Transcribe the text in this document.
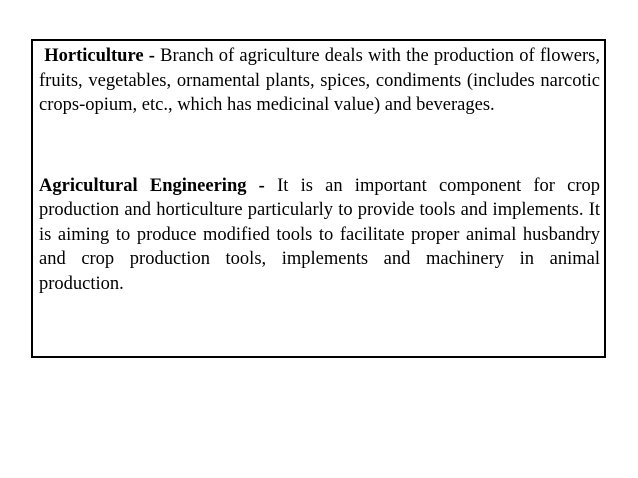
Horticulture - Branch of agriculture deals with the production of flowers, fruits, vegetables, ornamental plants, spices, condiments (includes narcotic crops-opium, etc., which has medicinal value) and beverages.

Agricultural Engineering - It is an important component for crop production and horticulture particularly to provide tools and implements. It is aiming to produce modified tools to facilitate proper animal husbandry and crop production tools, implements and machinery in animal production.
